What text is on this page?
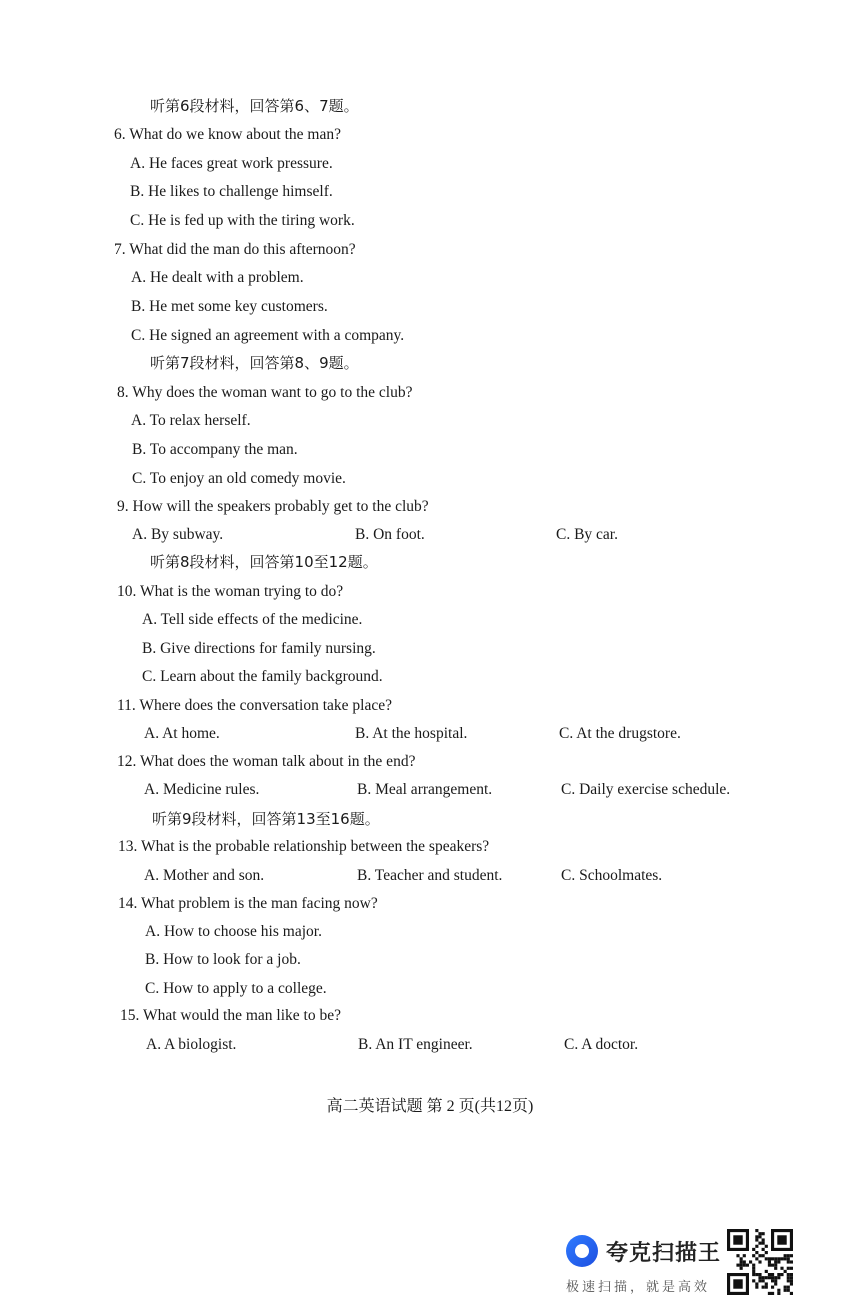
听第6段材料，回答第6、7题。
6. What do we know about the man?
A. He faces great work pressure.
B. He likes to challenge himself.
C. He is fed up with the tiring work.
7. What did the man do this afternoon?
A. He dealt with a problem.
B. He met some key customers.
C. He signed an agreement with a company.
听第7段材料，回答第8、9题。
8. Why does the woman want to go to the club?
A. To relax herself.
B. To accompany the man.
C. To enjoy an old comedy movie.
9. How will the speakers probably get to the club?
A. By subway.	B. On foot.	C. By car.
听第8段材料，回答第10至12题。
10. What is the woman trying to do?
A. Tell side effects of the medicine.
B. Give directions for family nursing.
C. Learn about the family background.
11. Where does the conversation take place?
A. At home.	B. At the hospital.	C. At the drugstore.
12. What does the woman talk about in the end?
A. Medicine rules.	B. Meal arrangement.	C. Daily exercise schedule.
听第9段材料，回答第13至16题。
13. What is the probable relationship between the speakers?
A. Mother and son.	B. Teacher and student.	C. Schoolmates.
14. What problem is the man facing now?
A. How to choose his major.
B. How to look for a job.
C. How to apply to a college.
15. What would the man like to be?
A. A biologist.	B. An IT engineer.	C. A doctor.
高二英语试题 第 2 页(共12页)
夸克扫描王
极速扫描，就是高效
